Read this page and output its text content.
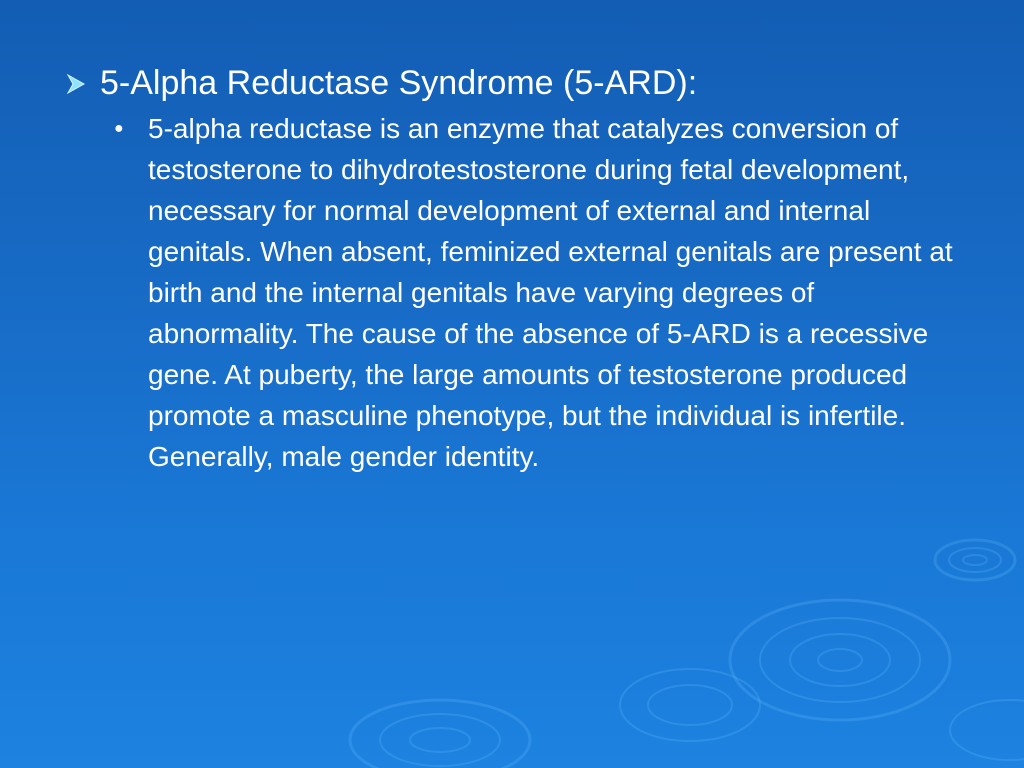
5-Alpha Reductase Syndrome (5-ARD):
● 5-alpha reductase is an enzyme that catalyzes conversion of testosterone to dihydrotestosterone during fetal development, necessary for normal development of external and internal genitals. When absent, feminized external genitals are present at birth and the internal genitals have varying degrees of abnormality. The cause of the absence of 5-ARD is a recessive gene. At puberty, the large amounts of testosterone produced promote a masculine phenotype, but the individual is infertile. Generally, male gender identity.
